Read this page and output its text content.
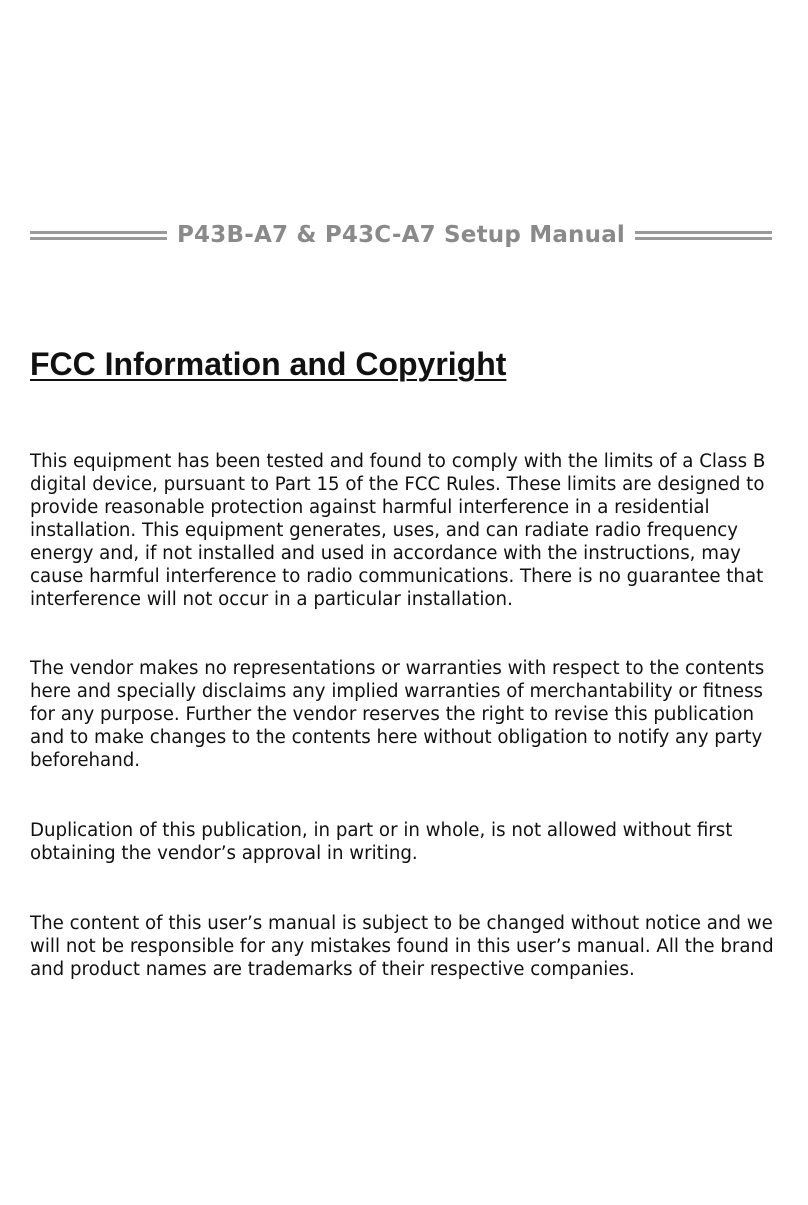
P43B-A7 & P43C-A7 Setup Manual
FCC Information and Copyright

This equipment has been tested and found to comply with the limits of a Class B digital device, pursuant to Part 15 of the FCC Rules. These limits are designed to provide reasonable protection against harmful interference in a residential installation. This equipment generates, uses, and can radiate radio frequency energy and, if not installed and used in accordance with the instructions, may cause harmful interference to radio communications. There is no guarantee that interference will not occur in a particular installation.

The vendor makes no representations or warranties with respect to the contents here and specially disclaims any implied warranties of merchantability or fitness for any purpose. Further the vendor reserves the right to revise this publication and to make changes to the contents here without obligation to notify any party beforehand.

Duplication of this publication, in part or in whole, is not allowed without first obtaining the vendor’s approval in writing.

The content of this user’s manual is subject to be changed without notice and we will not be responsible for any mistakes found in this user’s manual. All the brand and product names are trademarks of their respective companies.
